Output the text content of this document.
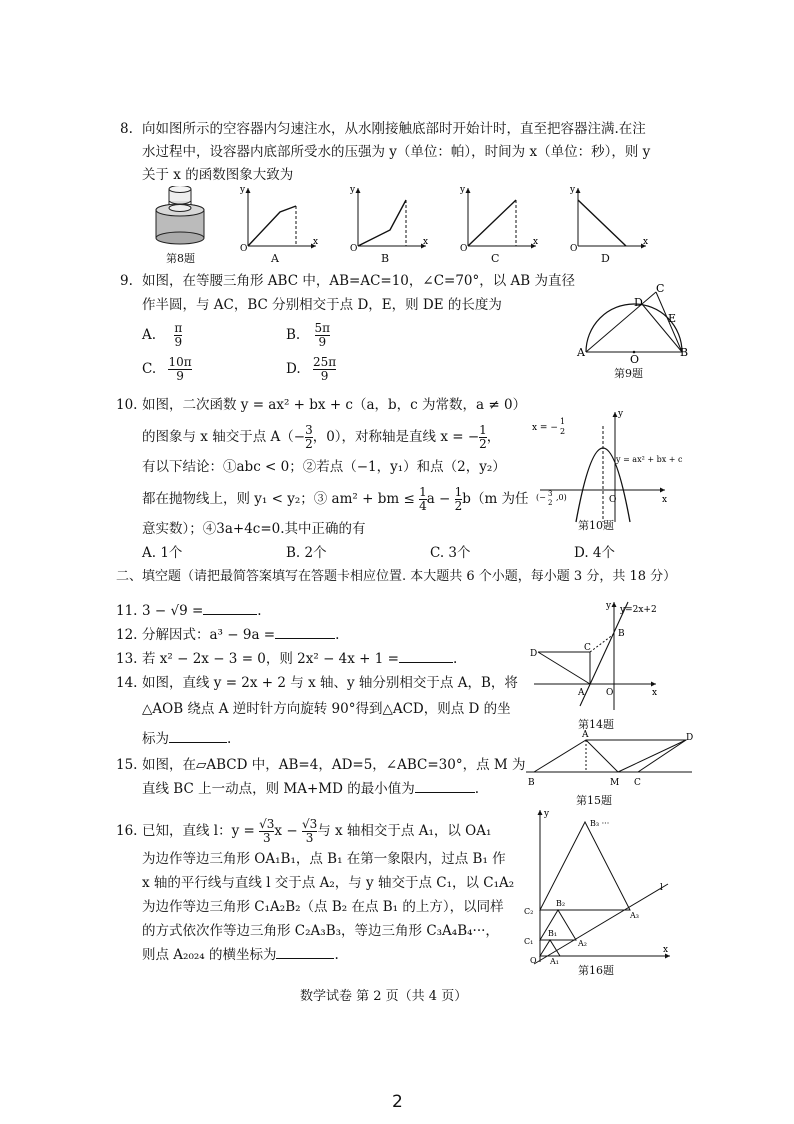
8. 向如图所示的空容器内匀速注水，从水刚接触底部时开始计时，直至把容器注满.在注
水过程中，设容器内底部所受水的压强为 y（单位：帕），时间为 x（单位：秒），则 y
关于 x 的函数图象大致为
第8题
y
O
x
A
y
O
x
B
y
O
x
C
y
O
x
D
9. 如图，在等腰三角形 ABC 中，AB=AC=10，∠C=70°，以 AB 为直径
作半圆，与 AC，BC 分别相交于点 D，E，则 DE 的长度为
A. $\frac{\pi}{9}$	B. $\frac{5\pi}{9}$
C. $\frac{10\pi}{9}$	D. $\frac{25\pi}{9}$
A	B
C
D
E
O
第9题
10. 如图，二次函数 y = ax² + bx + c（a，b，c 为常数，a ≠ 0）
的图象与 x 轴交于点 $A(- \frac{3}{2}$ ，0），对称轴是直线 x = − $\frac{1}{2}$ ，
有以下结论：①abc < 0；②若点（−1，y₁）和点（2，y₂）
都在抛物线上，则 y₁ < y₂；③ am² + bm ≤ $\frac{1}{4}$ $a - \frac{1}{2} b(m$ 为任
意实数）；④3a+4c=0.其中正确的有
A. 1个	B. 2个	C. 3个	D. 4个
y
x
O
x = −
1
2
y = ax² + bx + c
(− 3
2
,0)
第10题
二、填空题（请把最简答案填写在答题卡相应位置. 本大题共 6 个小题，每小题 3 分，共 18 分）
11. 3 − √9 =	.
12. 分解因式：a³ − 9a =	.
13. 若 x² − 2x − 3 = 0，则 2x² − 4x + 1 =	.
14. 如图，直线 y = 2x + 2 与 x 轴、y 轴分别相交于点 A，B，将
△AOB 绕点 A 逆时针方向旋转 90°得到△ACD，则点 D 的坐
标为	.
y y=2x+2
B
C
D
A O	x
第14题
15. 如图，在▱ABCD 中，AB=4，AD=5，∠ABC=30°，点 M 为
直线 BC 上一动点，则 MA+MD 的最小值为	.	B
A	D
M C
第15题
16. 已知，直线 l：$y = \frac{√3}{3}$ $x - \frac{√3}{3}$ 与 x 轴相交于点 A₁，以 OA₁
为边作等边三角形 OA₁B₁，点 B₁ 在第一象限内，过点 B₁ 作
x 轴的平行线与直线 l 交于点 A₂，与 y 轴交于点 C₁，以 C₁A₂
为边作等边三角形 C₁A₂B₂（点 B₂ 在点 B₁ 的上方），以同样
的方式依次作等边三角形 C₂A₃B₃，等边三角形 C₃A₄B₄···，
则点 A₂₀₂₄ 的横坐标为	.
y
x
l
O A₁
B₁
A₂
C₁
B₂
C₂	A₃
B₃ ···
第16题
数学试卷 第 2 页（共 4 页）
2
